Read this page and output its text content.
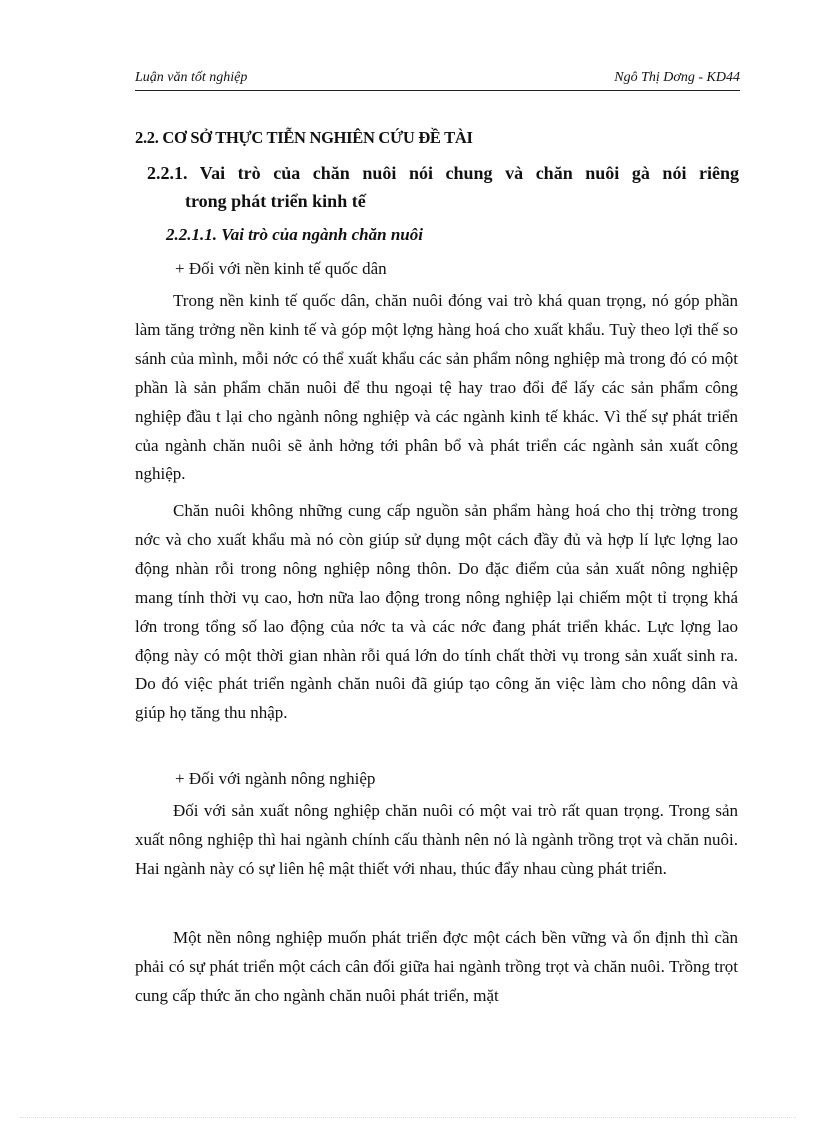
Luận văn tốt nghiệp	Ngô Thị Dơng - KD44
2.2. CƠ SỞ THỰC TIỄN NGHIÊN CỨU ĐỀ TÀI
2.2.1. Vai trò của chăn nuôi nói chung và chăn nuôi gà nói riêng
trong phát triển kinh tế
2.2.1.1. Vai trò của ngành chăn nuôi
+ Đối với nền kinh tế quốc dân

Trong nền kinh tế quốc dân, chăn nuôi đóng vai trò khá quan trọng, nó góp phần làm tăng trởng nền kinh tế và góp một lợng hàng hoá cho xuất khẩu. Tuỳ theo lợi thế so sánh của mình, mỗi nớc có thể xuất khẩu các sản phẩm nông nghiệp mà trong đó có một phần là sản phẩm chăn nuôi để thu ngoại tệ hay trao đổi để lấy các sản phẩm công nghiệp đầu t lại cho ngành nông nghiệp và các ngành kinh tế khác. Vì thế sự phát triển của ngành chăn nuôi sẽ ảnh hởng tới phân bổ và phát triển các ngành sản xuất công nghiệp.

Chăn nuôi không những cung cấp nguồn sản phẩm hàng hoá cho thị trờng trong nớc và cho xuất khẩu mà nó còn giúp sử dụng một cách đầy đủ và hợp lí lực lợng lao động nhàn rỗi trong nông nghiệp nông thôn. Do đặc điểm của sản xuất nông nghiệp mang tính thời vụ cao, hơn nữa lao động trong nông nghiệp lại chiếm một tỉ trọng khá lớn trong tổng số lao động của nớc ta và các nớc đang phát triển khác. Lực lợng lao động này có một thời gian nhàn rỗi quá lớn do tính chất thời vụ trong sản xuất sinh ra. Do đó việc phát triển ngành chăn nuôi đã giúp tạo công ăn việc làm cho nông dân và giúp họ tăng thu nhập.

+ Đối với ngành nông nghiệp

Đối với sản xuất nông nghiệp chăn nuôi có một vai trò rất quan trọng. Trong sản xuất nông nghiệp thì hai ngành chính cấu thành nên nó là ngành trồng trọt và chăn nuôi. Hai ngành này có sự liên hệ mật thiết với nhau, thúc đẩy nhau cùng phát triển.

Một nền nông nghiệp muốn phát triển đợc một cách bền vững và ổn định thì cần phải có sự phát triển một cách cân đối giữa hai ngành trồng trọt và chăn nuôi. Trồng trọt cung cấp thức ăn cho ngành chăn nuôi phát triển, mặt
